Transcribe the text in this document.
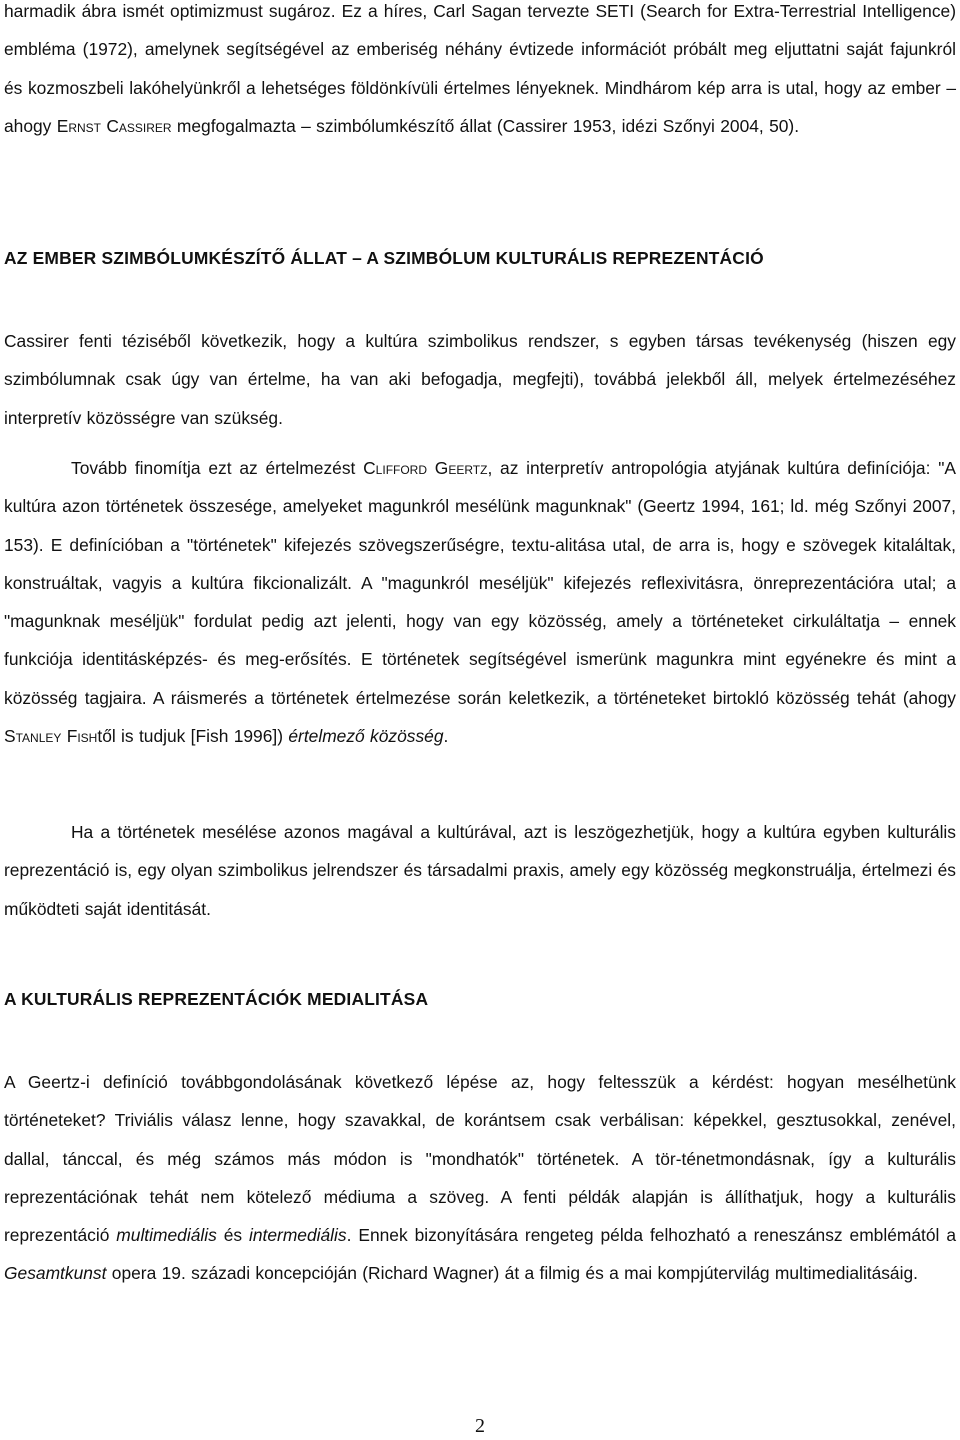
harmadik ábra ismét optimizmust sugároz. Ez a híres, Carl Sagan tervezte SETI (Search for Extra-Terrestrial Intelligence) embléma (1972), amelynek segítségével az emberiség néhány évtizede információt próbált meg eljuttatni saját fajunkról és kozmoszbeli lakóhelyünkről a lehetséges földönkívüli értelmes lényeknek. Mindhárom kép arra is utal, hogy az ember – ahogy Ernst Cassirer megfogalmazta – szimbólumkészítő állat (Cassirer 1953, idézi Szőnyi 2004, 50).

AZ EMBER SZIMBÓLUMKÉSZÍTŐ ÁLLAT – A SZIMBÓLUM KULTURÁLIS REPREZENTÁCIÓ

Cassirer fenti téziséből következik, hogy a kultúra szimbolikus rendszer, s egyben társas tevékenység (hiszen egy szimbólumnak csak úgy van értelme, ha van aki befogadja, megfejti), továbbá jelekből áll, melyek értelmezéséhez interpretív közösségre van szükség.

Tovább finomítja ezt az értelmezést Clifford Geertz, az interpretív antropológia atyjának kultúra definíciója: "A kultúra azon történetek összesége, amelyeket magunkról mesélünk magunknak" (Geertz 1994, 161; ld. még Szőnyi 2007, 153). E definícióban a "történetek" kifejezés szövegszerűségre, textu-alitása utal, de arra is, hogy e szövegek kitaláltak, konstruáltak, vagyis a kultúra fikcionalizált. A "magunkról meséljük" kifejezés reflexivitásra, önreprezentációra utal; a "magunknak meséljük" fordulat pedig azt jelenti, hogy van egy közösség, amely a történeteket cirkuláltatja – ennek funkciója identitásképzés- és meg-erősítés. E történetek segítségével ismerünk magunkra mint egyénekre és mint a közösség tagjaira. A ráismerés a történetek értelmezése során keletkezik, a történeteket birtokló közösség tehát (ahogy Stanley Fishtől is tudjuk [Fish 1996]) értelmező közösség.

Ha a történetek mesélése azonos magával a kultúrával, azt is leszögezhetjük, hogy a kultúra egyben kulturális reprezentáció is, egy olyan szimbolikus jelrendszer és társadalmi praxis, amely egy közösség megkonstruálja, értelmezi és működteti saját identitását.

A KULTURÁLIS REPREZENTÁCIÓK MEDIALITÁSA

A Geertz-i definíció továbbgondolásának következő lépése az, hogy feltesszük a kérdést: hogyan mesélhetünk történeteket? Triviális válasz lenne, hogy szavakkal, de korántsem csak verbálisan: képekkel, gesztusokkal, zenével, dallal, tánccal, és még számos más módon is "mondhatók" történetek. A tör-ténetmondásnak, így a kulturális reprezentációnak tehát nem kötelező médiuma a szöveg. A fenti példák alapján is állíthatjuk, hogy a kulturális reprezentáció multimediális és intermediális. Ennek bizonyítására rengeteg példa felhozható a reneszánsz emblémától a Gesamtkunst opera 19. századi koncepcióján (Richard Wagner) át a filmig és a mai kompjútervilág multimedialitásáig.

2
